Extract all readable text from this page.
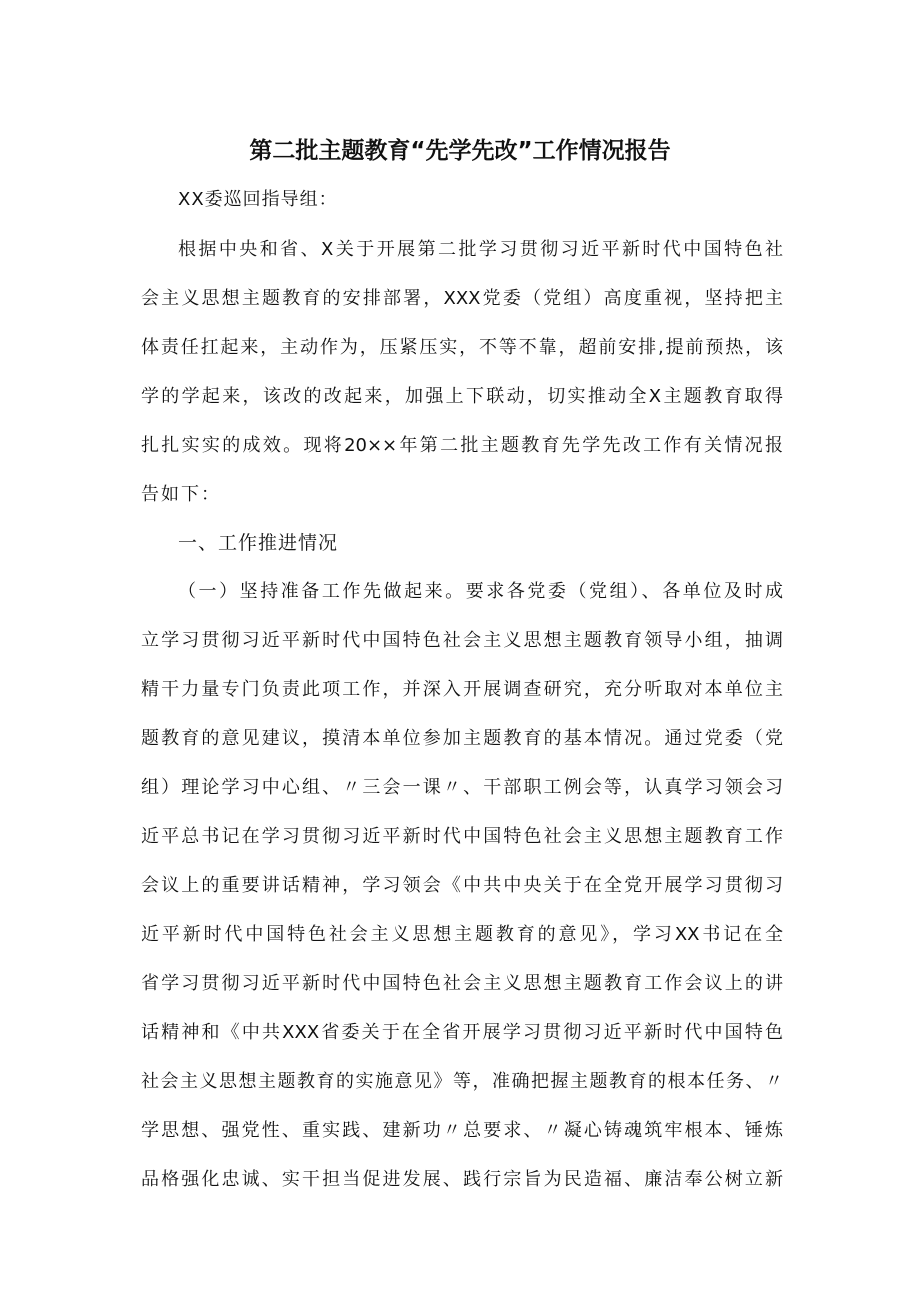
第二批主题教育“先学先改”工作情况报告
XX委巡回指导组：
根据中央和省、X关于开展第二批学习贯彻习近平新时代中国特色社
会主义思想主题教育的安排部署，XXX党委（党组）高度重视，坚持把主
体责任扛起来，主动作为，压紧压实，不等不靠，超前安排,提前预热，该
学的学起来，该改的改起来，加强上下联动，切实推动全X主题教育取得
扎扎实实的成效。现将20××年第二批主题教育先学先改工作有关情况报
告如下：
一、工作推进情况
（一）坚持准备工作先做起来。要求各党委（党组）、各单位及时成
立学习贯彻习近平新时代中国特色社会主义思想主题教育领导小组，抽调
精干力量专门负责此项工作，并深入开展调查研究，充分听取对本单位主
题教育的意见建议，摸清本单位参加主题教育的基本情况。通过党委（党
组）理论学习中心组、〃三会一课〃、干部职工例会等，认真学习领会习
近平总书记在学习贯彻习近平新时代中国特色社会主义思想主题教育工作
会议上的重要讲话精神，学习领会《中共中央关于在全党开展学习贯彻习
近平新时代中国特色社会主义思想主题教育的意见》，学习XX书记在全
省学习贯彻习近平新时代中国特色社会主义思想主题教育工作会议上的讲
话精神和《中共XXX省委关于在全省开展学习贯彻习近平新时代中国特色
社会主义思想主题教育的实施意见》等，准确把握主题教育的根本任务、〃
学思想、强党性、重实践、建新功〃总要求、〃凝心铸魂筑牢根本、锤炼
品格强化忠诚、实干担当促进发展、践行宗旨为民造福、廉洁奉公树立新
